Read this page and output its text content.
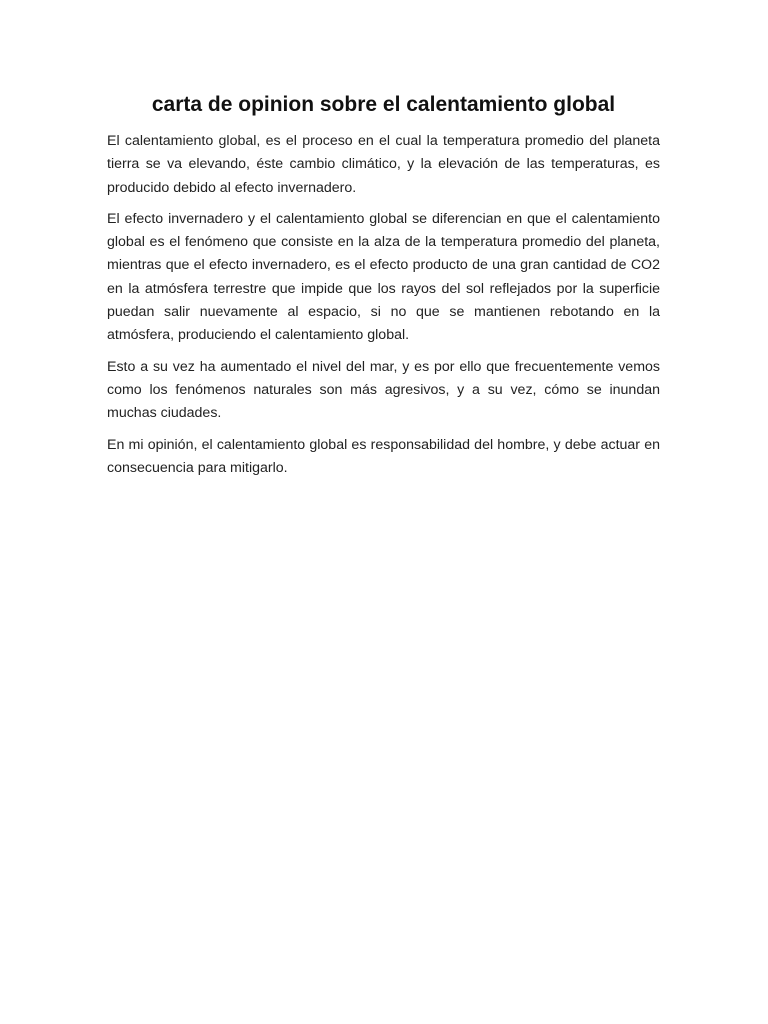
carta de opinion sobre el calentamiento global

El calentamiento global, es el proceso en el cual la temperatura promedio del planeta tierra se va elevando, éste cambio climático, y la elevación de las temperaturas, es producido debido al efecto invernadero.

El efecto invernadero y el calentamiento global se diferencian en que el calentamiento global es el fenómeno que consiste en la alza de la temperatura promedio del planeta, mientras que el efecto invernadero, es el efecto producto de una gran cantidad de CO2 en la atmósfera terrestre que impide que los rayos del sol reflejados por la superficie puedan salir nuevamente al espacio, si no que se mantienen rebotando en la atmósfera, produciendo el calentamiento global.

Esto a su vez ha aumentado el nivel del mar, y es por ello que frecuentemente vemos como los fenómenos naturales son más agresivos, y a su vez, cómo se inundan muchas ciudades.

En mi opinión, el calentamiento global es responsabilidad del hombre, y debe actuar en consecuencia para mitigarlo.
